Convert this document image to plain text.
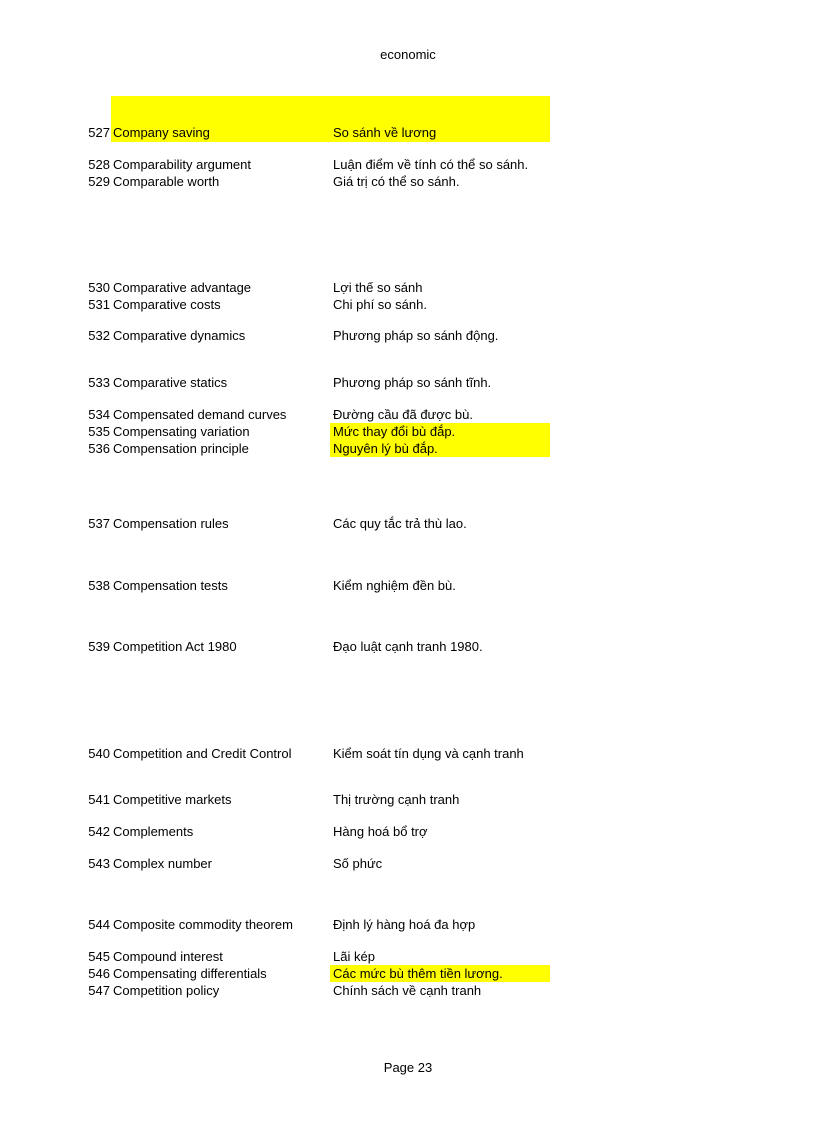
economic
527 Company saving	So sánh về lương
528 Comparability argument	Luận điểm về tính có thể so sánh.
529 Comparable worth	Giá trị có thể so sánh.
530 Comparative advantage	Lợi thế so sánh
531 Comparative costs	Chi phí so sánh.
532 Comparative dynamics	Phương pháp so sánh động.
533 Comparative statics	Phương pháp so sánh tĩnh.
534 Compensated demand curves	Đường cầu đã được bù.
535 Compensating variation	Mức thay đổi bù đắp.
536 Compensation principle	Nguyên lý bù đắp.
537 Compensation rules	Các quy tắc trả thù lao.
538 Compensation tests	Kiểm nghiệm đền bù.
539 Competition Act 1980	Đạo luật cạnh tranh 1980.
540 Competition and Credit Control	Kiểm soát tín dụng và cạnh tranh
541 Competitive markets	Thị trường cạnh tranh
542 Complements	Hàng hoá bổ trợ
543 Complex number	Số phức
544 Composite commodity theorem	Định lý hàng hoá đa hợp
545 Compound interest	Lãi kép
546 Compensating differentials	Các mức bù thêm tiền lương.
547 Competition policy	Chính sách về cạnh tranh
Page 23
